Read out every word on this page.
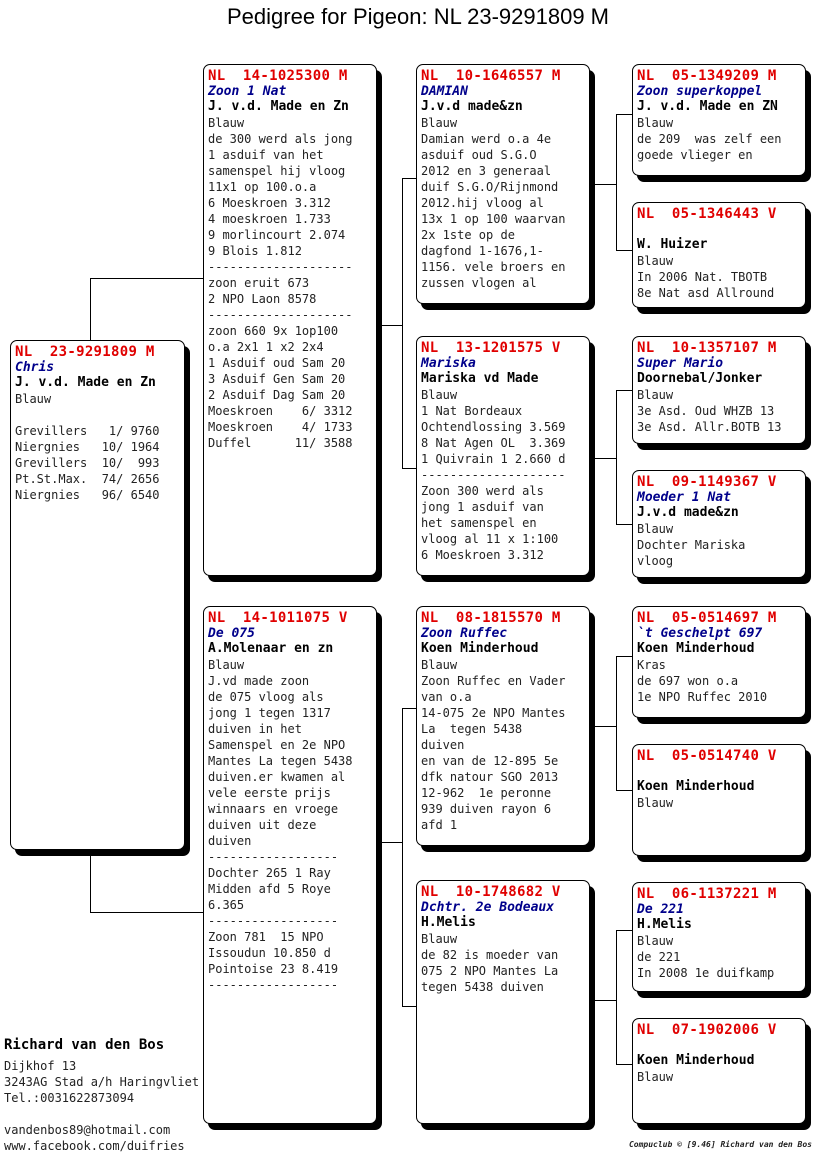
Pedigree for Pigeon: NL 23-9291809 M
NL  23-9291809 M
Chris
J. v.d. Made en Zn
Blauw
Grevillers   1/ 9760
Niergnies   10/ 1964
Grevillers  10/  993
Pt.St.Max.  74/ 2656
Niergnies   96/ 6540
NL  14-1025300 M
Zoon 1 Nat
J. v.d. Made en Zn
Blauw
de 300 werd als jong
1 asduif van het
samenspel hij vloog
11x1 op 100.o.a
6 Moeskroen 3.312
4 moeskroen 1.733
9 morlincourt 2.074
9 Blois 1.812
--------------------
zoon eruit 673
2 NPO Laon 8578
--------------------
zoon 660 9x 1op100
o.a 2x1 1 x2 2x4
1 Asduif oud Sam 20
3 Asduif Gen Sam 20
2 Asduif Dag Sam 20
Moeskroen    6/ 3312
Moeskroen    4/ 1733
Duffel      11/ 3588
NL  14-1011075 V
De 075
A.Molenaar en zn
Blauw
J.vd made zoon
de 075 vloog als
jong 1 tegen 1317
duiven in het
Samenspel en 2e NPO
Mantes La tegen 5438
duiven.er kwamen al
vele eerste prijs
winnaars en vroege
duiven uit deze
duiven
------------------
Dochter 265 1 Ray
Midden afd 5 Roye
6.365
------------------
Zoon 781  15 NPO
Issoudun 10.850 d
Pointoise 23 8.419
------------------
NL  10-1646557 M
DAMIAN
J.v.d made&zn
Blauw
Damian werd o.a 4e
asduif oud S.G.O
2012 en 3 generaal
duif S.G.O/Rijnmond
2012.hij vloog al
13x 1 op 100 waarvan
2x 1ste op de
dagfond 1-1676,1-
1156. vele broers en
zussen vlogen al
NL  13-1201575 V
Mariska
Mariska vd Made
Blauw
1 Nat Bordeaux
Ochtendlossing 3.569
8 Nat Agen OL  3.369
1 Quivrain 1 2.660 d
--------------------
Zoon 300 werd als
jong 1 asduif van
het samenspel en
vloog al 11 x 1:100
6 Moeskroen 3.312
NL  08-1815570 M
Zoon Ruffec
Koen Minderhoud
Blauw
Zoon Ruffec en Vader
van o.a
14-075 2e NPO Mantes
La  tegen 5438
duiven
en van de 12-895 5e
dfk natour SGO 2013
12-962  1e peronne
939 duiven rayon 6
afd 1
NL  10-1748682 V
Dchtr. 2e Bodeaux
H.Melis
Blauw
de 82 is moeder van
075 2 NPO Mantes La
tegen 5438 duiven
NL  05-1349209 M
Zoon superkoppel
J. v.d. Made en ZN
Blauw
de 209  was zelf een
goede vlieger en
NL  05-1346443 V
W. Huizer
Blauw
In 2006 Nat. TBOTB
8e Nat asd Allround
NL  10-1357107 M
Super Mario
Doornebal/Jonker
Blauw
3e Asd. Oud WHZB 13
3e Asd. Allr.BOTB 13
NL  09-1149367 V
Moeder 1 Nat
J.v.d made&zn
Blauw
Dochter Mariska
vloog
NL  05-0514697 M
`t Geschelpt 697
Koen Minderhoud
Kras
de 697 won o.a
1e NPO Ruffec 2010
NL  05-0514740 V
Koen Minderhoud
Blauw
NL  06-1137221 M
De 221
H.Melis
Blauw
de 221
In 2008 1e duifkamp
NL  07-1902006 V
Koen Minderhoud
Blauw
Richard van den Bos
Dijkhof 13
3243AG Stad a/h Haringvliet
Tel.:0031622873094
vandenbos89@hotmail.com
www.facebook.com/duifries	Compuclub © [9.46] Richard van den Bos
